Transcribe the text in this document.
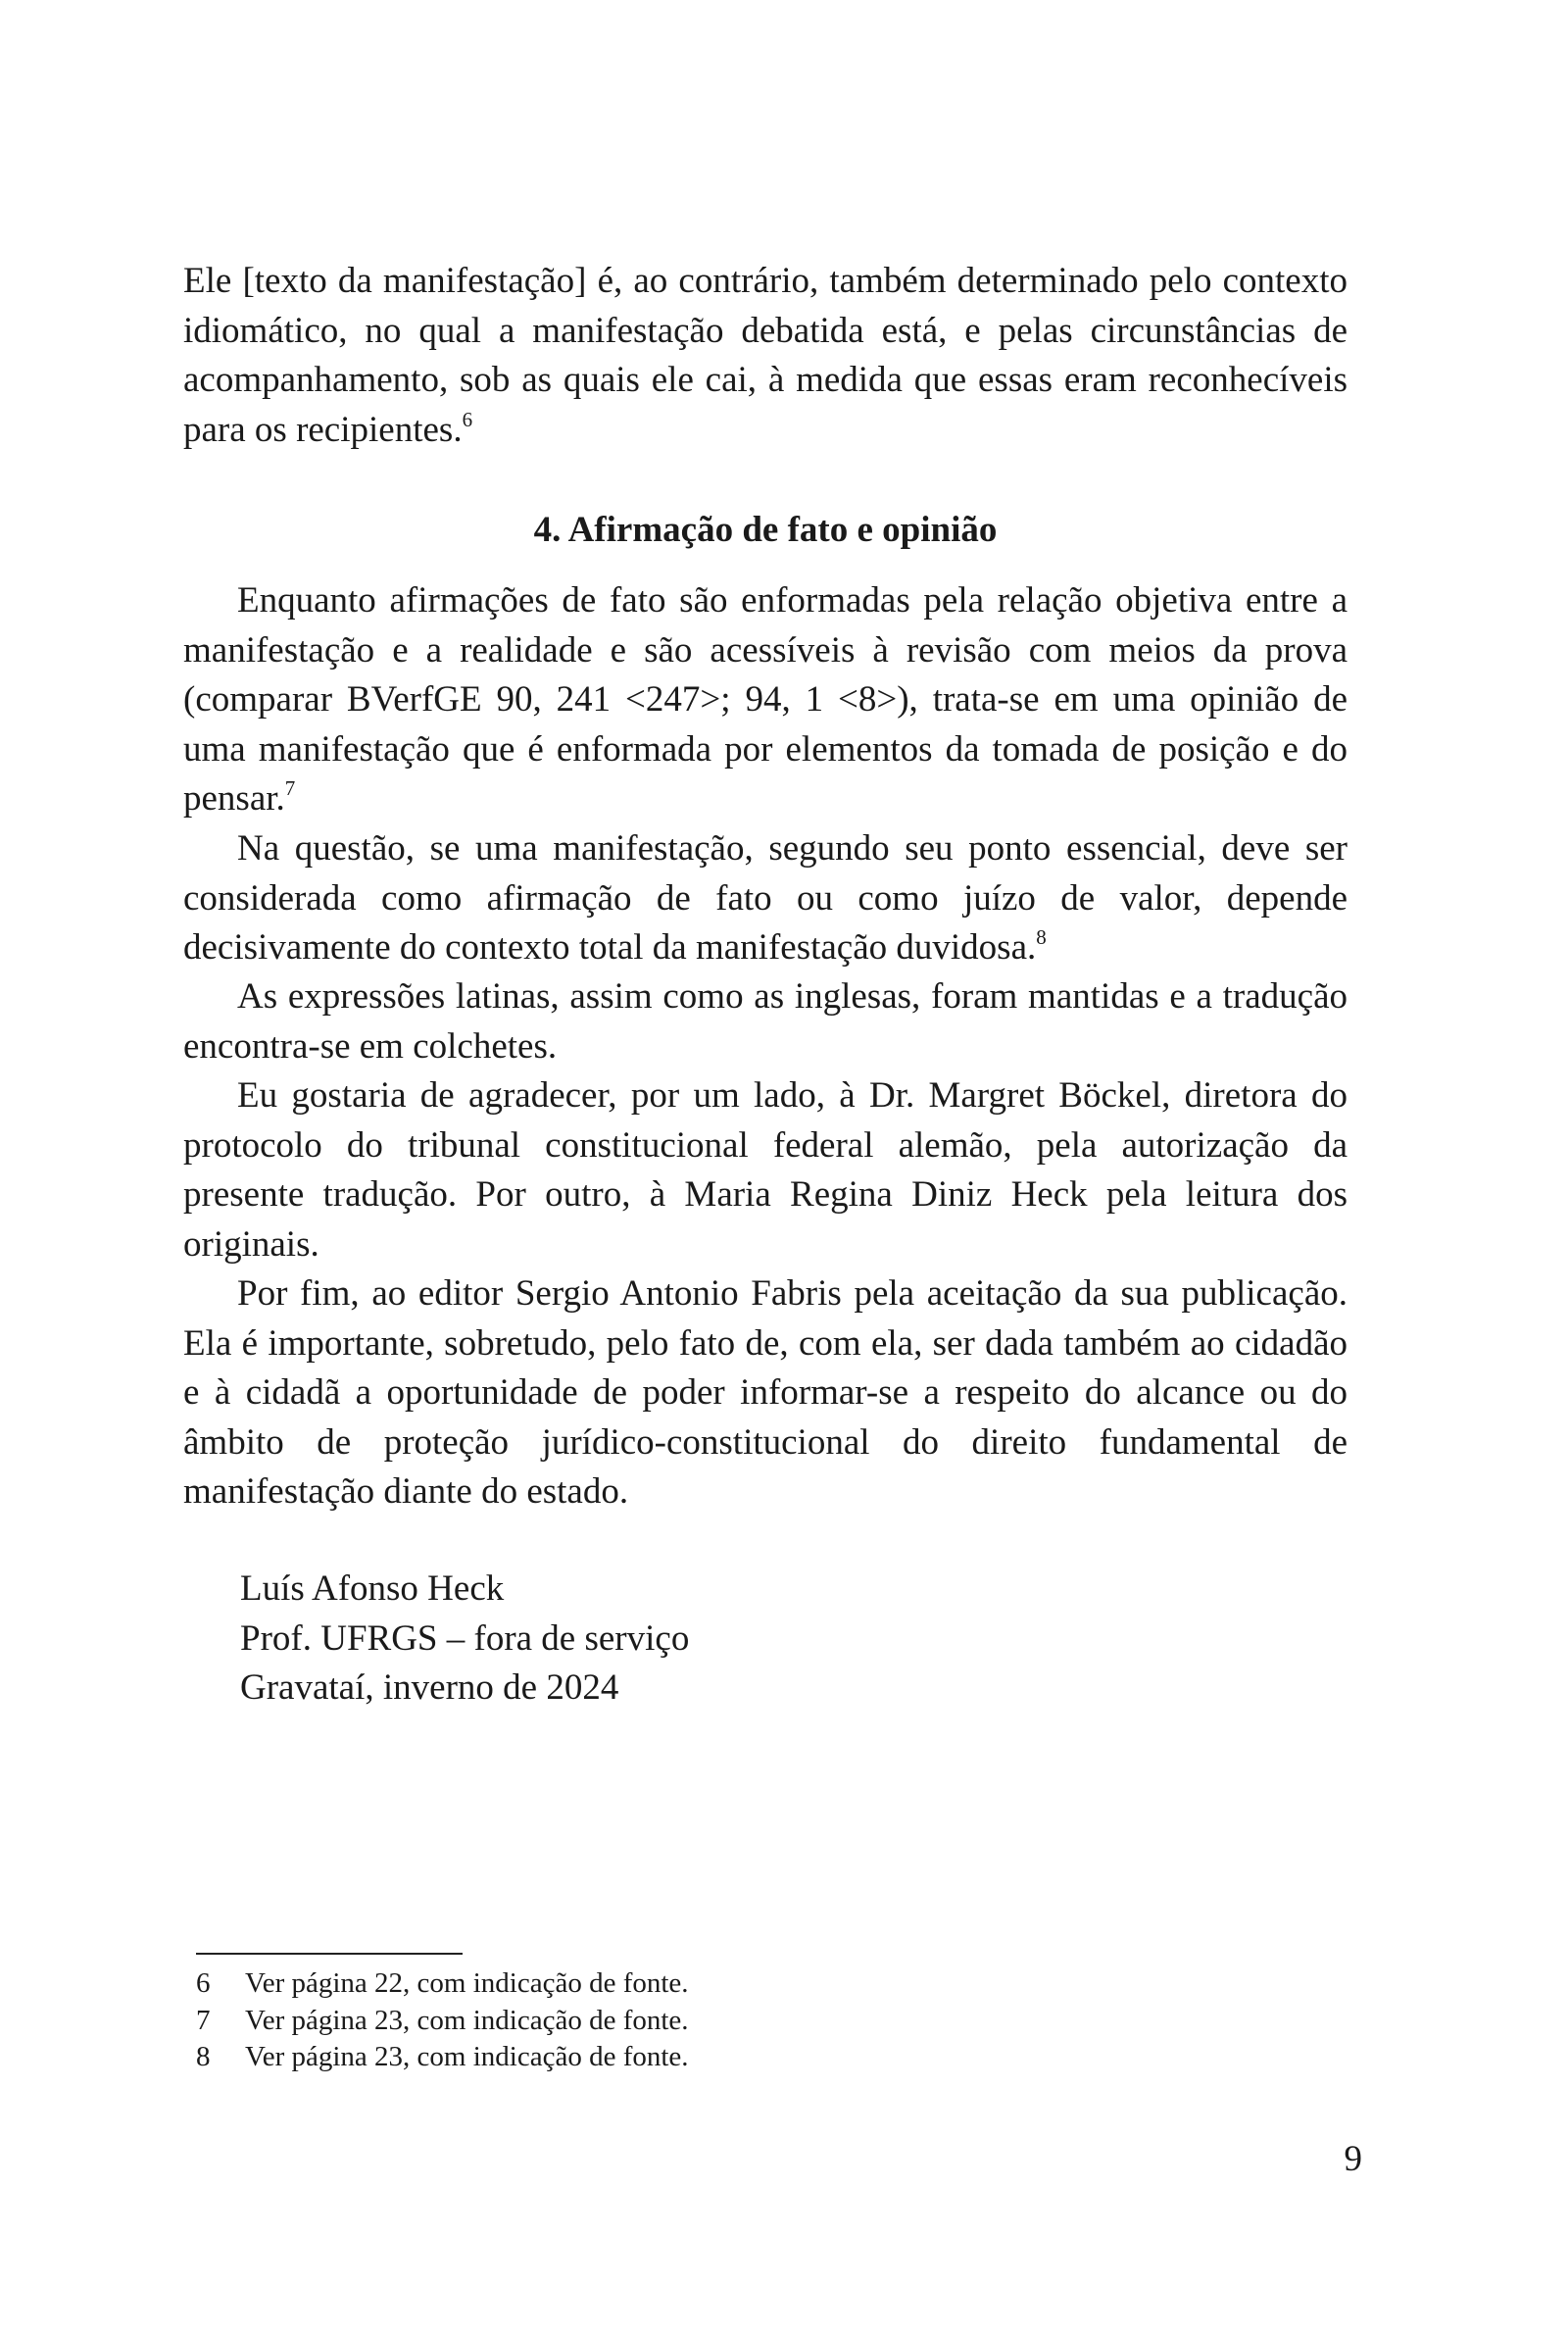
Ele [texto da manifestação] é, ao contrário, também determinado pelo contexto idiomático, no qual a manifestação debatida está, e pelas circunstâncias de acompanhamento, sob as quais ele cai, à medida que essas eram reconhecíveis para os recipientes.$^6$

4. Afirmação de fato e opinião

Enquanto afirmações de fato são enformadas pela relação objetiva entre a manifestação e a realidade e são acessíveis à revisão com meios da prova (comparar BVerfGE 90, 241 <247>; 94, 1 <8>), trata-se em uma opinião de uma manifestação que é enformada por elementos da tomada de posição e do pensar.$^7$

Na questão, se uma manifestação, segundo seu ponto essencial, deve ser considerada como afirmação de fato ou como juízo de valor, depende decisivamente do contexto total da manifestação duvidosa.$^8$

As expressões latinas, assim como as inglesas, foram mantidas e a tradução encontra-se em colchetes.

Eu gostaria de agradecer, por um lado, à Dr. Margret Böckel, diretora do protocolo do tribunal constitucional federal alemão, pela autorização da presente tradução. Por outro, à Maria Regina Diniz Heck pela leitura dos originais.

Por fim, ao editor Sergio Antonio Fabris pela aceitação da sua publicação. Ela é importante, sobretudo, pelo fato de, com ela, ser dada também ao cidadão e à cidadã a oportunidade de poder informar-se a respeito do alcance ou do âmbito de proteção jurídico-constitucional do direito fundamental de manifestação diante do estado.

Luís Afonso Heck
Prof. UFRGS – fora de serviço
Gravataí, inverno de 2024
6 Ver página 22, com indicação de fonte.
7 Ver página 23, com indicação de fonte.
8 Ver página 23, com indicação de fonte.
9
